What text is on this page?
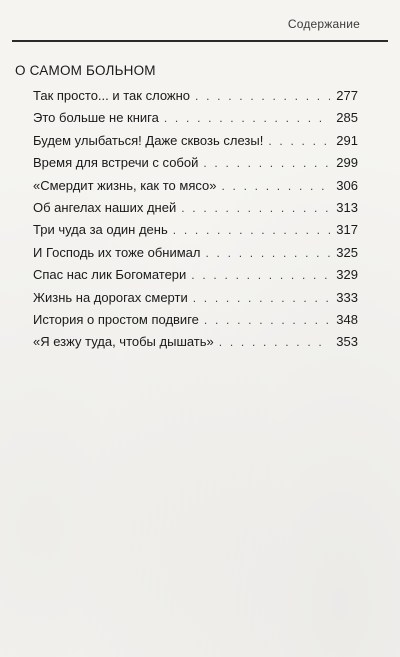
Содержание
О САМОМ БОЛЬНОМ
Так просто... и так сложно . . .	277
Это больше не книга . . .	285
Будем улыбаться! Даже сквозь слезы! . . .	291
Время для встречи с собой . . .	299
«Смердит жизнь, как то мясо» . . .	306
Об ангелах наших дней . . .	313
Три чуда за один день . . .	317
И Господь их тоже обнимал . . .	325
Спас нас лик Богоматери . . .	329
Жизнь на дорогах смерти . . .	333
История о простом подвиге . . .	348
«Я езжу туда, чтобы дышать» . . .	353
